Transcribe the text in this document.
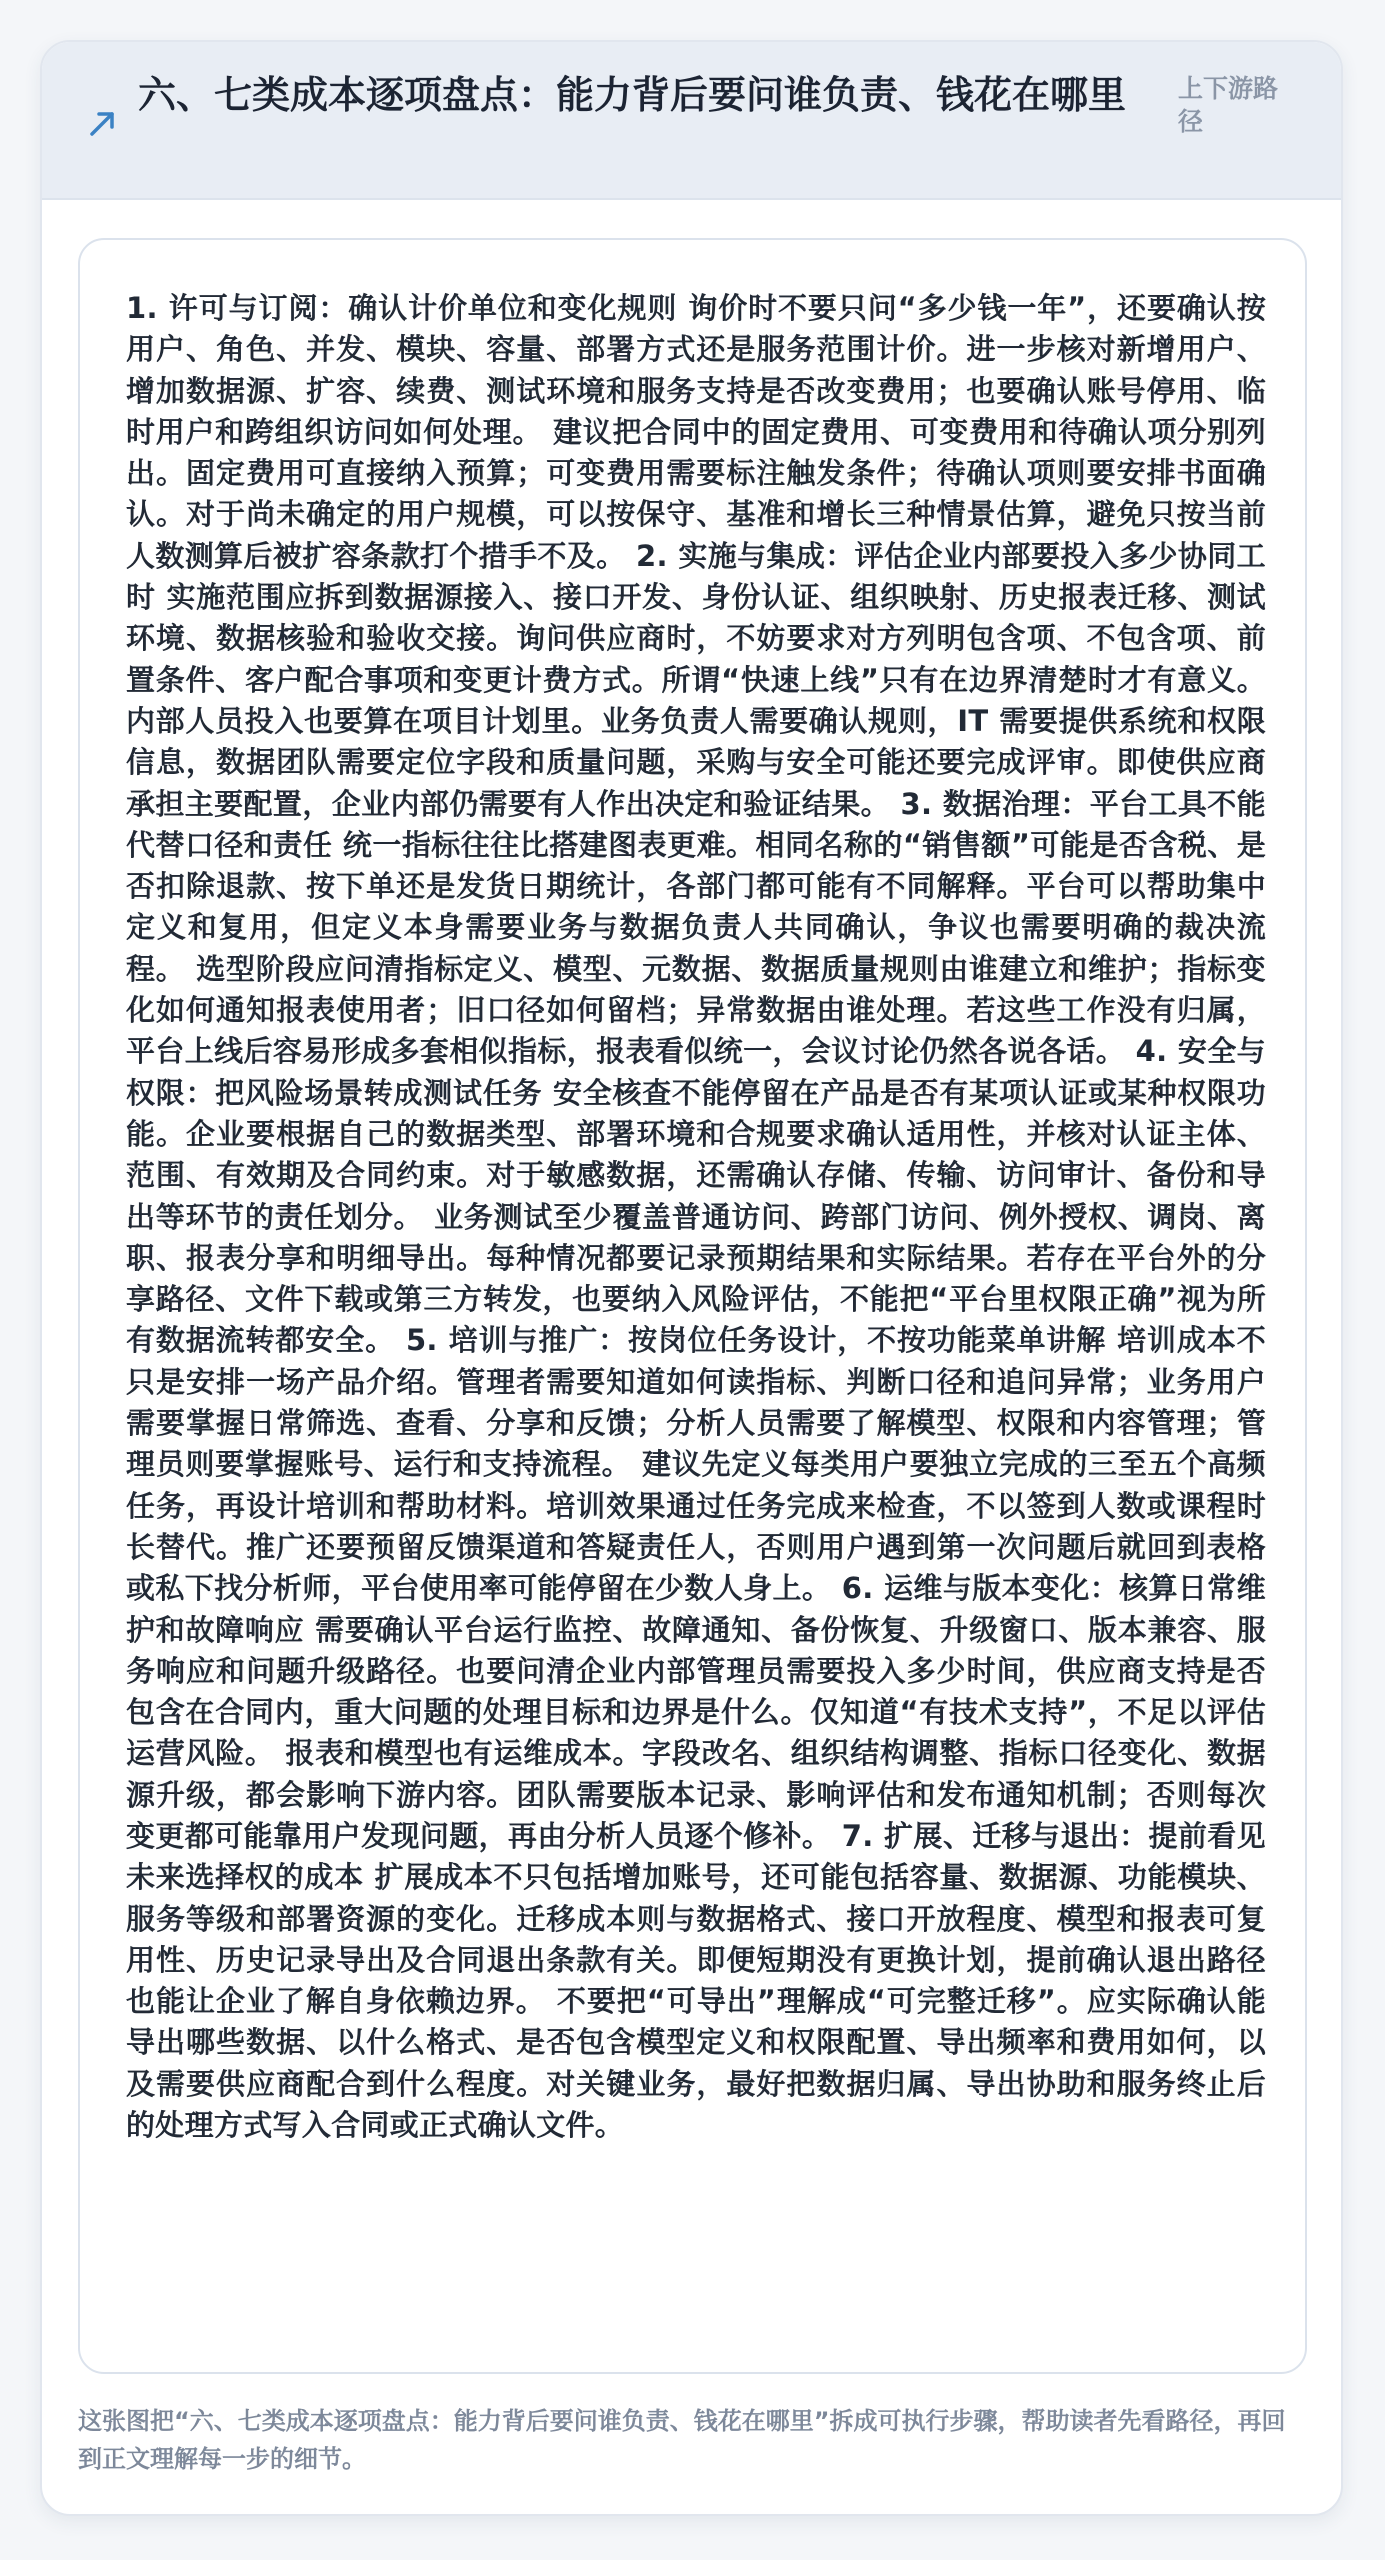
六、七类成本逐项盘点：能力背后要问谁负责、钱花在哪里	上下游路径

1. 许可与订阅：确认计价单位和变化规则 询价时不要只问“多少钱一年”，还要确认按用户、角色、并发、模块、容量、部署方式还是服务范围计价。进一步核对新增用户、增加数据源、扩容、续费、测试环境和服务支持是否改变费用；也要确认账号停用、临时用户和跨组织访问如何处理。 建议把合同中的固定费用、可变费用和待确认项分别列出。固定费用可直接纳入预算；可变费用需要标注触发条件；待确认项则要安排书面确认。对于尚未确定的用户规模，可以按保守、基准和增长三种情景估算，避免只按当前人数测算后被扩容条款打个措手不及。 2. 实施与集成：评估企业内部要投入多少协同工时 实施范围应拆到数据源接入、接口开发、身份认证、组织映射、历史报表迁移、测试环境、数据核验和验收交接。询问供应商时，不妨要求对方列明包含项、不包含项、前置条件、客户配合事项和变更计费方式。所谓“快速上线”只有在边界清楚时才有意义。 内部人员投入也要算在项目计划里。业务负责人需要确认规则，IT 需要提供系统和权限信息，数据团队需要定位字段和质量问题，采购与安全可能还要完成评审。即使供应商承担主要配置，企业内部仍需要有人作出决定和验证结果。 3. 数据治理：平台工具不能代替口径和责任 统一指标往往比搭建图表更难。相同名称的“销售额”可能是否含税、是否扣除退款、按下单还是发货日期统计，各部门都可能有不同解释。平台可以帮助集中定义和复用，但定义本身需要业务与数据负责人共同确认，争议也需要明确的裁决流程。 选型阶段应问清指标定义、模型、元数据、数据质量规则由谁建立和维护；指标变化如何通知报表使用者；旧口径如何留档；异常数据由谁处理。若这些工作没有归属，平台上线后容易形成多套相似指标，报表看似统一，会议讨论仍然各说各话。 4. 安全与权限：把风险场景转成测试任务 安全核查不能停留在产品是否有某项认证或某种权限功能。企业要根据自己的数据类型、部署环境和合规要求确认适用性，并核对认证主体、范围、有效期及合同约束。对于敏感数据，还需确认存储、传输、访问审计、备份和导出等环节的责任划分。 业务测试至少覆盖普通访问、跨部门访问、例外授权、调岗、离职、报表分享和明细导出。每种情况都要记录预期结果和实际结果。若存在平台外的分享路径、文件下载或第三方转发，也要纳入风险评估，不能把“平台里权限正确”视为所有数据流转都安全。 5. 培训与推广：按岗位任务设计，不按功能菜单讲解 培训成本不只是安排一场产品介绍。管理者需要知道如何读指标、判断口径和追问异常；业务用户需要掌握日常筛选、查看、分享和反馈；分析人员需要了解模型、权限和内容管理；管理员则要掌握账号、运行和支持流程。 建议先定义每类用户要独立完成的三至五个高频任务，再设计培训和帮助材料。培训效果通过任务完成来检查，不以签到人数或课程时长替代。推广还要预留反馈渠道和答疑责任人，否则用户遇到第一次问题后就回到表格或私下找分析师，平台使用率可能停留在少数人身上。 6. 运维与版本变化：核算日常维护和故障响应 需要确认平台运行监控、故障通知、备份恢复、升级窗口、版本兼容、服务响应和问题升级路径。也要问清企业内部管理员需要投入多少时间，供应商支持是否包含在合同内，重大问题的处理目标和边界是什么。仅知道“有技术支持”，不足以评估运营风险。 报表和模型也有运维成本。字段改名、组织结构调整、指标口径变化、数据源升级，都会影响下游内容。团队需要版本记录、影响评估和发布通知机制；否则每次变更都可能靠用户发现问题，再由分析人员逐个修补。 7. 扩展、迁移与退出：提前看见未来选择权的成本 扩展成本不只包括增加账号，还可能包括容量、数据源、功能模块、服务等级和部署资源的变化。迁移成本则与数据格式、接口开放程度、模型和报表可复用性、历史记录导出及合同退出条款有关。即便短期没有更换计划，提前确认退出路径也能让企业了解自身依赖边界。 不要把“可导出”理解成“可完整迁移”。应实际确认能导出哪些数据、以什么格式、是否包含模型定义和权限配置、导出频率和费用如何，以及需要供应商配合到什么程度。对关键业务，最好把数据归属、导出协助和服务终止后的处理方式写入合同或正式确认文件。

这张图把“六、七类成本逐项盘点：能力背后要问谁负责、钱花在哪里”拆成可执行步骤，帮助读者先看路径，再回到正文理解每一步的细节。
